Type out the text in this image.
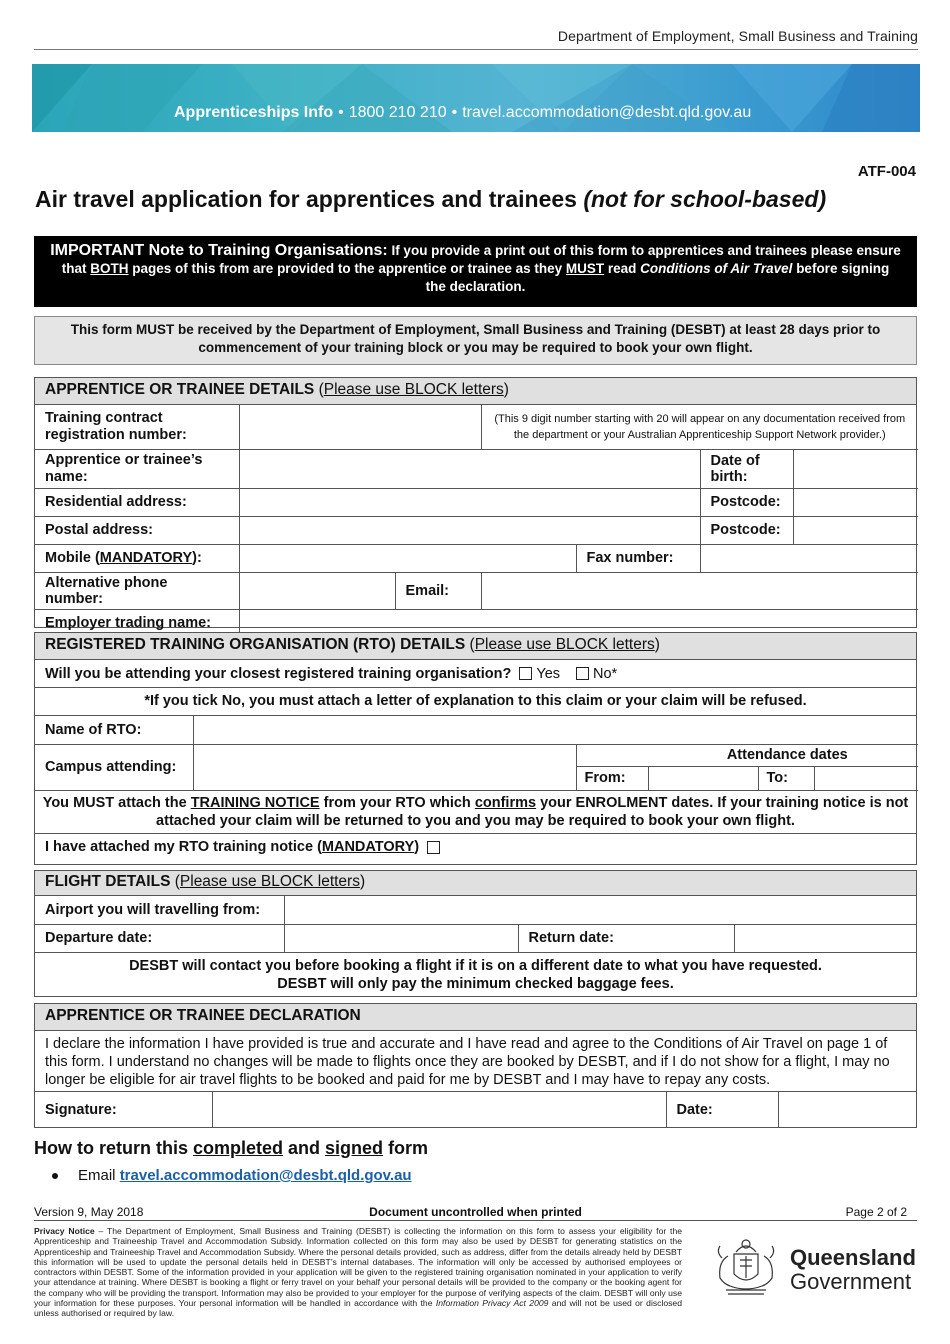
Department of Employment, Small Business and Training
Apprenticeships Info • 1800 210 210 • travel.accommodation@desbt.qld.gov.au
ATF-004
Air travel application for apprentices and trainees (not for school-based)
IMPORTANT Note to Training Organisations: If you provide a print out of this form to apprentices and trainees please ensure that BOTH pages of this from are provided to the apprentice or trainee as they MUST read Conditions of Air Travel before signing the declaration.
This form MUST be received by the Department of Employment, Small Business and Training (DESBT) at least 28 days prior to commencement of your training block or you may be required to book your own flight.
APPRENTICE OR TRAINEE DETAILS (Please use BLOCK letters)
Training contract registration number:			(This 9 digit number starting with 20 will appear on any documentation received from the department or your Australian Apprenticeship Support Network provider.)			
Apprentice or trainee’s name:					Date of birth:	
Residential address:					Postcode:	
Postal address:					Postcode:	
Mobile (MANDATORY):				Fax number:		
Alternative phone number:		Email:				
Employer trading name:						
REGISTERED TRAINING ORGANISATION (RTO) DETAILS (Please use BLOCK letters)
Will you be attending your closest registered training organisation? Yes No*
*If you tick No, you must attach a letter of explanation to this claim or your claim will be refused.
Name of RTO:					
Campus attending:		Attendance dates			
		From:		To:	
You MUST attach the TRAINING NOTICE from your RTO which confirms your ENROLMENT dates. If your training notice is not attached your claim will be returned to you and you may be required to book your own flight.
I have attached my RTO training notice ( MANDATORY )
FLIGHT DETAILS (Please use BLOCK letters)
Airport you will travelling from:			
Departure date:		Return date:	
DESBT will contact you before booking a flight if it is on a different date to what you have requested.
DESBT will only pay the minimum checked baggage fees.
APPRENTICE OR TRAINEE DECLARATION
I declare the information I have provided is true and accurate and I have read and agree to the Conditions of Air Travel on page 1 of this form. I understand no changes will be made to flights once they are booked by DESBT, and if I do not show for a flight, I may no longer be eligible for air travel flights to be booked and paid for me by DESBT and I may have to repay any costs.
Signature:		Date:	
How to return this completed and signed form
Email travel.accommodation@desbt.qld.gov.au
Version 9, May 2018	Document uncontrolled when printed	Page 2 of 2
Privacy Notice – The Department of Employment, Small Business and Training (DESBT) is collecting the information on this form to assess your eligibility for the Apprenticeship and Traineeship Travel and Accommodation Subsidy. Information collected on this form may also be used by DESBT for generating statistics on the Apprenticeship and Traineeship Travel and Accommodation Subsidy. Where the personal details provided, such as address, differ from the details already held by DESBT this information will be used to update the personal details held in DESBT’s internal databases. The information will only be accessed by authorised employees or contractors within DESBT. Some of the information provided in your application will be given to the registered training organisation nominated in your application to verify your attendance at training. Where DESBT is booking a flight or ferry travel on your behalf your personal details will be provided to the company or the booking agent for the company who will be providing the transport. Information may also be provided to your employer for the purpose of verifying aspects of the claim. DESBT will only use your information for these purposes. Your personal information will be handled in accordance with the Information Privacy Act 2009 and will not be used or disclosed unless authorised or required by law.
Queensland
Government
